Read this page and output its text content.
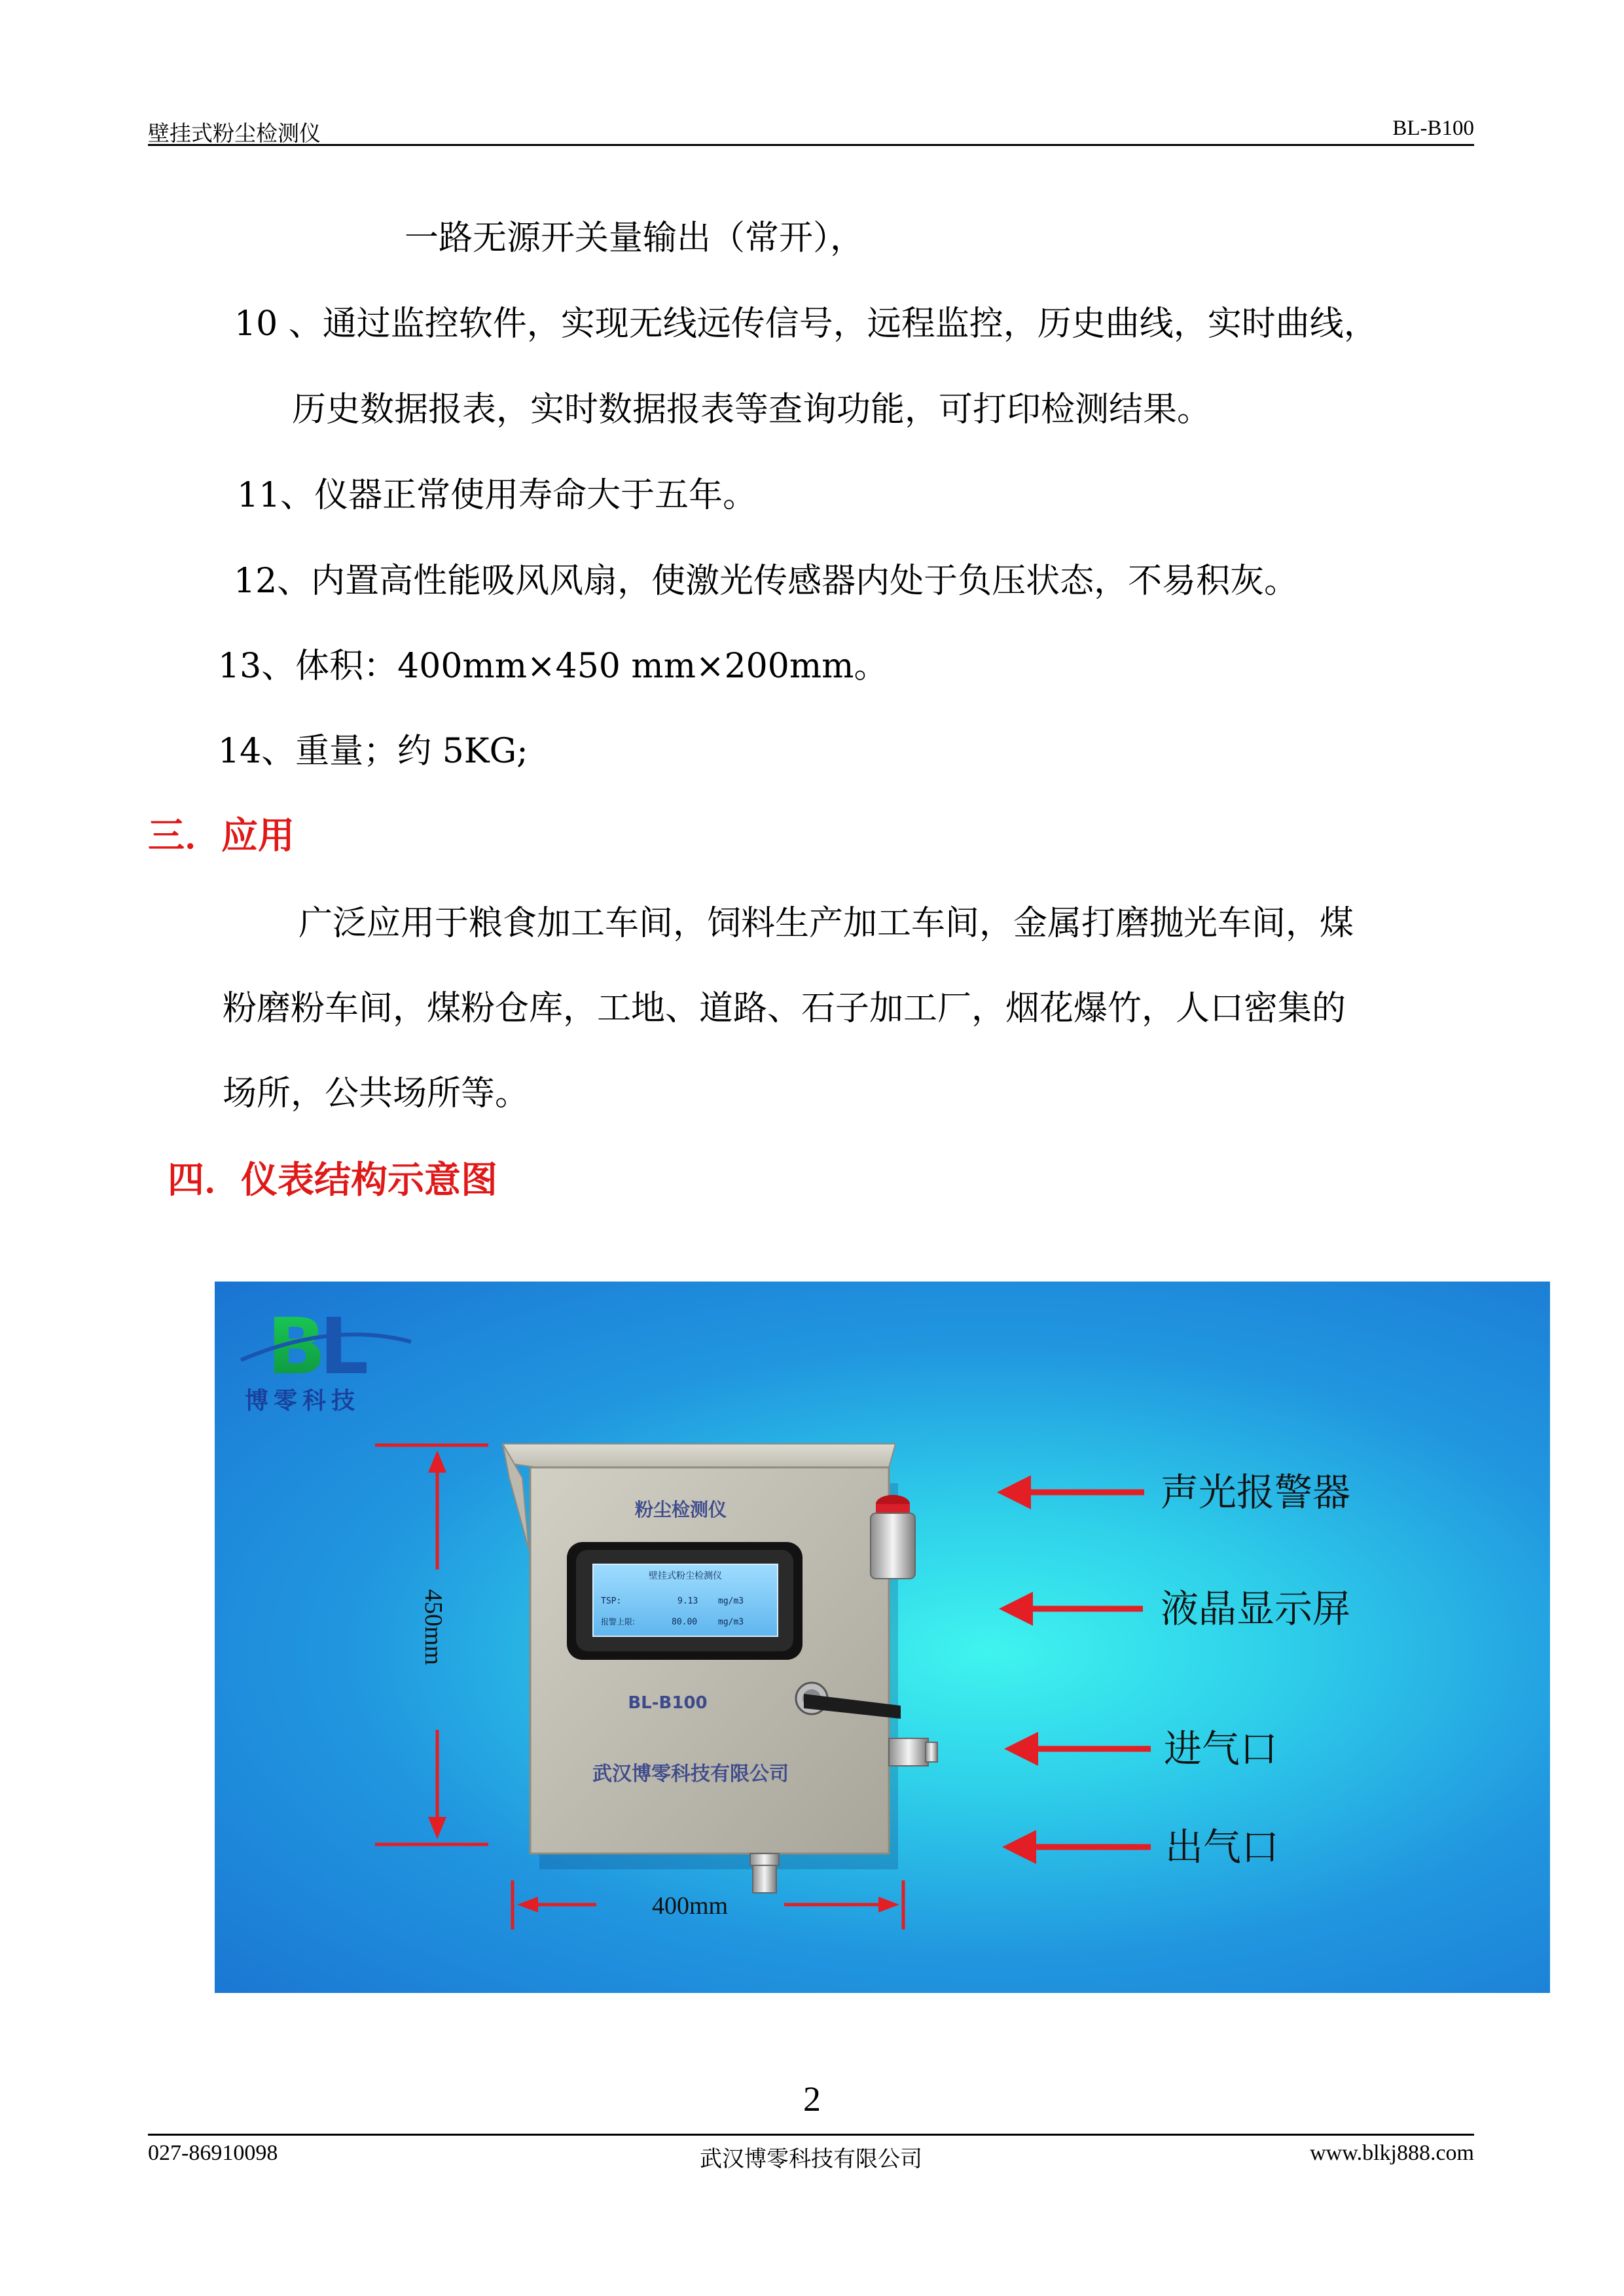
壁挂式粉尘检测仪	BL-B100
一路无源开关量输出（常开），
10 、通过监控软件，实现无线远传信号，远程监控，历史曲线，实时曲线，
历史数据报表，实时数据报表等查询功能，可打印检测结果。
11、仪器正常使用寿命大于五年。
12、内置高性能吸风风扇，使激光传感器内处于负压状态，不易积灰。
13、体积：400mm×450 mm×200mm。
14、重量；约 5KG;
三．应用
广泛应用于粮食加工车间，饲料生产加工车间，金属打磨抛光车间，煤
粉磨粉车间，煤粉仓库，工地、道路、石子加工厂，烟花爆竹，人口密集的
场所，公共场所等。
四．仪表结构示意图
B
L
博零科技
450mm
400mm
粉尘检测仪
壁挂式粉尘检测仪
TSP:	9.13 mg/m3
报警上限:	80.00 mg/m3
BL-B100
武汉博零科技有限公司
声光报警器
液晶显示屏
进气口
出气口
2
027-86910098	武汉博零科技有限公司	www.blkj888.com
